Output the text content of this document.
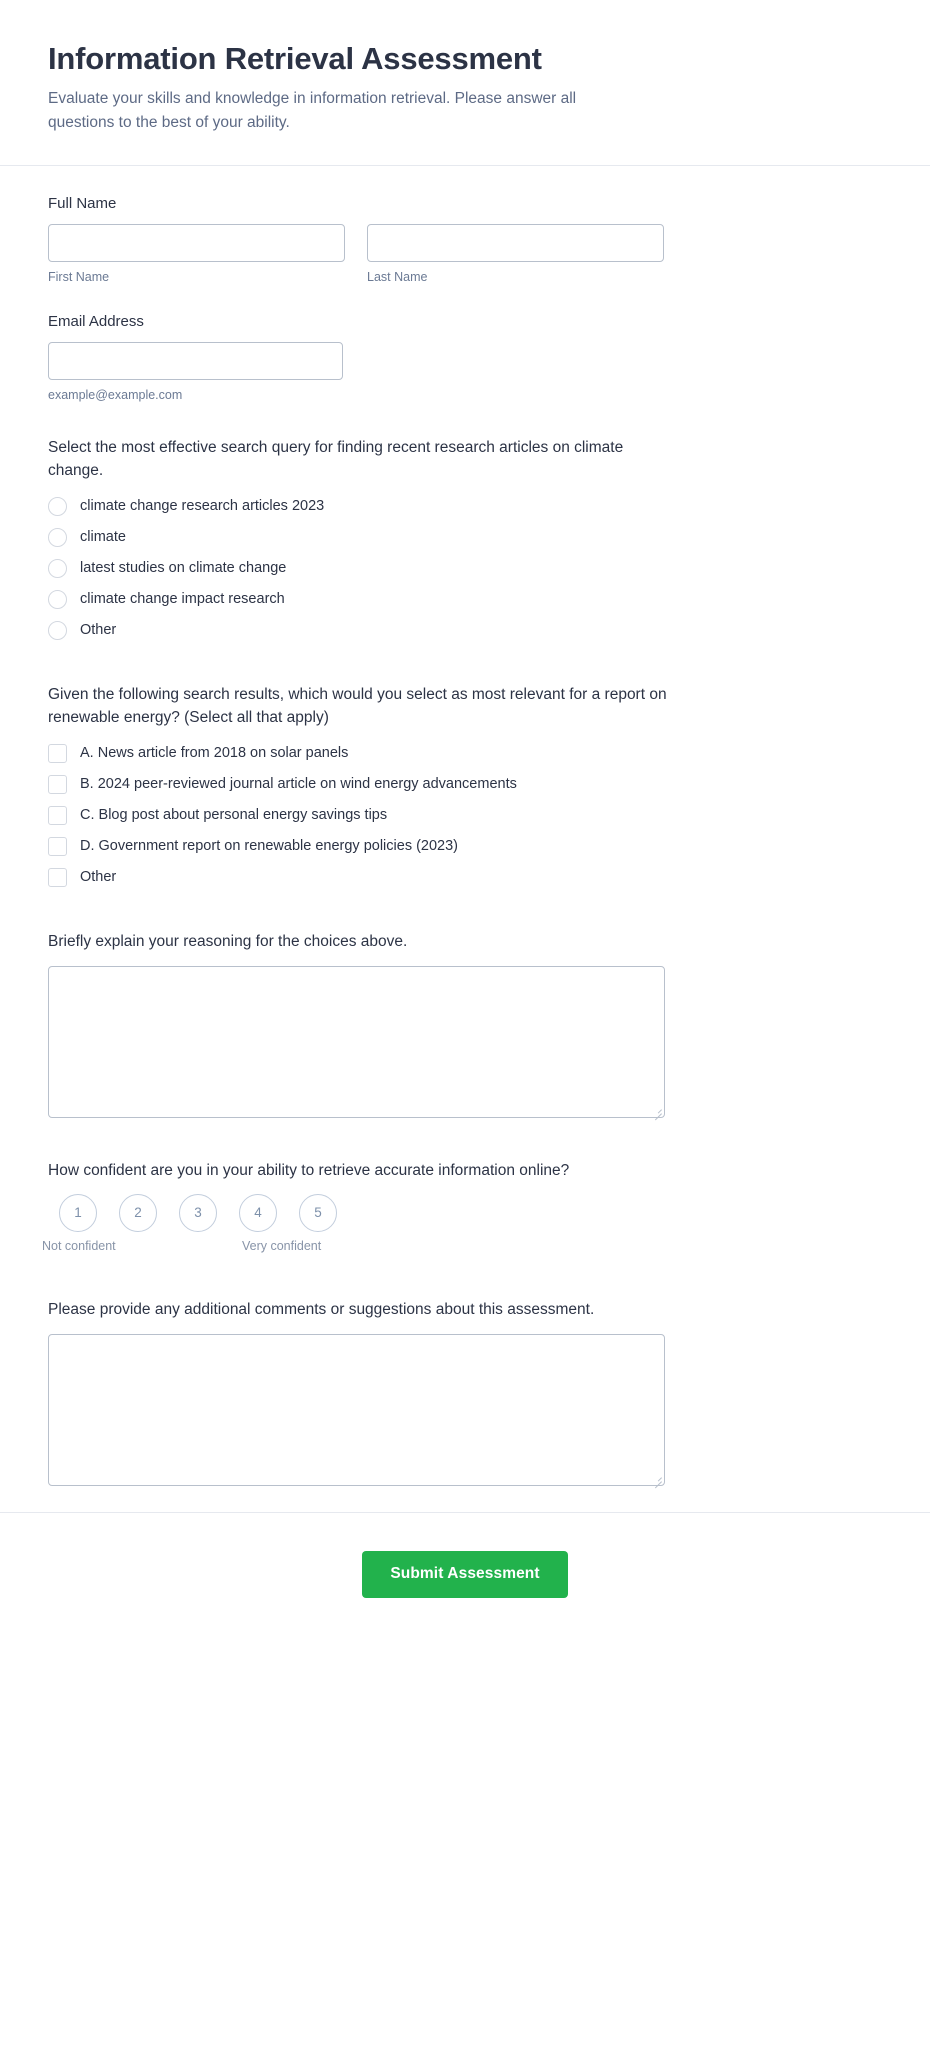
Information Retrieval Assessment

Evaluate your skills and knowledge in information retrieval. Please answer all questions to the best of your ability.

Full Name
First Name	Last Name
Email Address
example@example.com
Select the most effective search query for finding recent research articles on climate change.
climate change research articles 2023
climate
latest studies on climate change
climate change impact research
Other
Given the following search results, which would you select as most relevant for a report on renewable energy? (Select all that apply)
A. News article from 2018 on solar panels
B. 2024 peer-reviewed journal article on wind energy advancements
C. Blog post about personal energy savings tips
D. Government report on renewable energy policies (2023)
Other
Briefly explain your reasoning for the choices above.
How confident are you in your ability to retrieve accurate information online?
1	2	3	4	5
Not confident	Very confident
Please provide any additional comments or suggestions about this assessment.
Submit Assessment
